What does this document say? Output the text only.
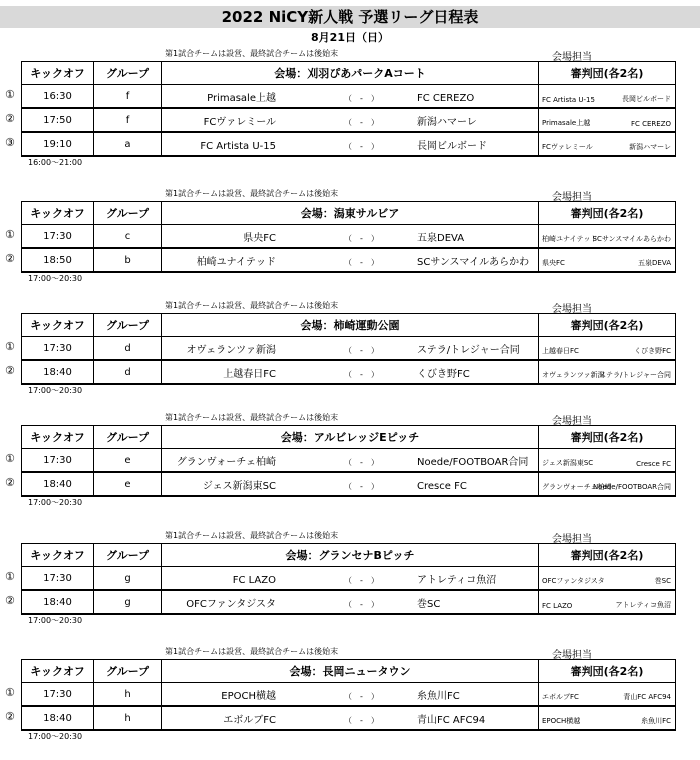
2022 NiCY新人戦 予選リーグ日程表
8月21日（日）
第1試合チームは設営、最終試合チームは後始末	会場担当
①
②
③
キックオフ	グループ	会場：刈羽ぴあパークAコート	審判団(各2名)
16:30	f	Primasale上越 （　-　） FC CEREZO	FC Artista U-15 長岡ビルボード

17:50	f	FCヴァレミール （　-　） 新潟ハマーレ	Primasale上越 FC CEREZO

19:10	a	FC Artista U-15 （　-　） 長岡ビルボード	FCヴァレミール 新潟ハマーレ
16:00～21:00
第1試合チームは設営、最終試合チームは後始末	会場担当
①
②
キックオフ	グループ	会場：潟東サルビア	審判団(各2名)
17:30	c	県央FC （　-　） 五泉DEVA	柏崎ユナイテッド
SCサンスマイルあらかわ

18:50	b	柏崎ユナイテッド （　-　） SCサンスマイルあらかわ	県央FC 五泉DEVA
17:00～20:30
第1試合チームは設営、最終試合チームは後始末	会場担当
①
②
キックオフ	グループ	会場：柿崎運動公園	審判団(各2名)
17:30	d	オヴェランツァ新潟 （　-　） ステラ/トレジャー合同	上越春日FC くびき野FC

18:40	d	上越春日FC （　-　） くびき野FC	オヴェランツァ新潟
ステラ/トレジャー合同
17:00～20:30
第1試合チームは設営、最終試合チームは後始末	会場担当
①
②
キックオフ	グループ	会場：アルビレッジEピッチ	審判団(各2名)
17:30	e	グランヴォーチェ柏崎 （　-　） Noede/FOOTBOAR合同	ジェス新潟東SC Cresce FC

18:40	e	ジェス新潟東SC （　-　） Cresce FC	グランヴォーチェ柏崎
Noede/FOOTBOAR合同
17:00～20:30
第1試合チームは設営、最終試合チームは後始末	会場担当
①
②
キックオフ	グループ	会場：グランセナBピッチ	審判団(各2名)
17:30	g	FC LAZO （　-　） アトレティコ魚沼	OFCファンタジスタ 巻SC

18:40	g	OFCファンタジスタ （　-　） 巻SC	FC LAZO アトレティコ魚沼
17:00～20:30
第1試合チームは設営、最終試合チームは後始末	会場担当
①
②
キックオフ	グループ	会場：長岡ニュータウン	審判団(各2名)
17:30	h	EPOCH横越 （　-　） 糸魚川FC	エボルブFC 青山FC AFC94

18:40	h	エボルブFC （　-　） 青山FC AFC94	EPOCH横越 糸魚川FC
17:00～20:30
